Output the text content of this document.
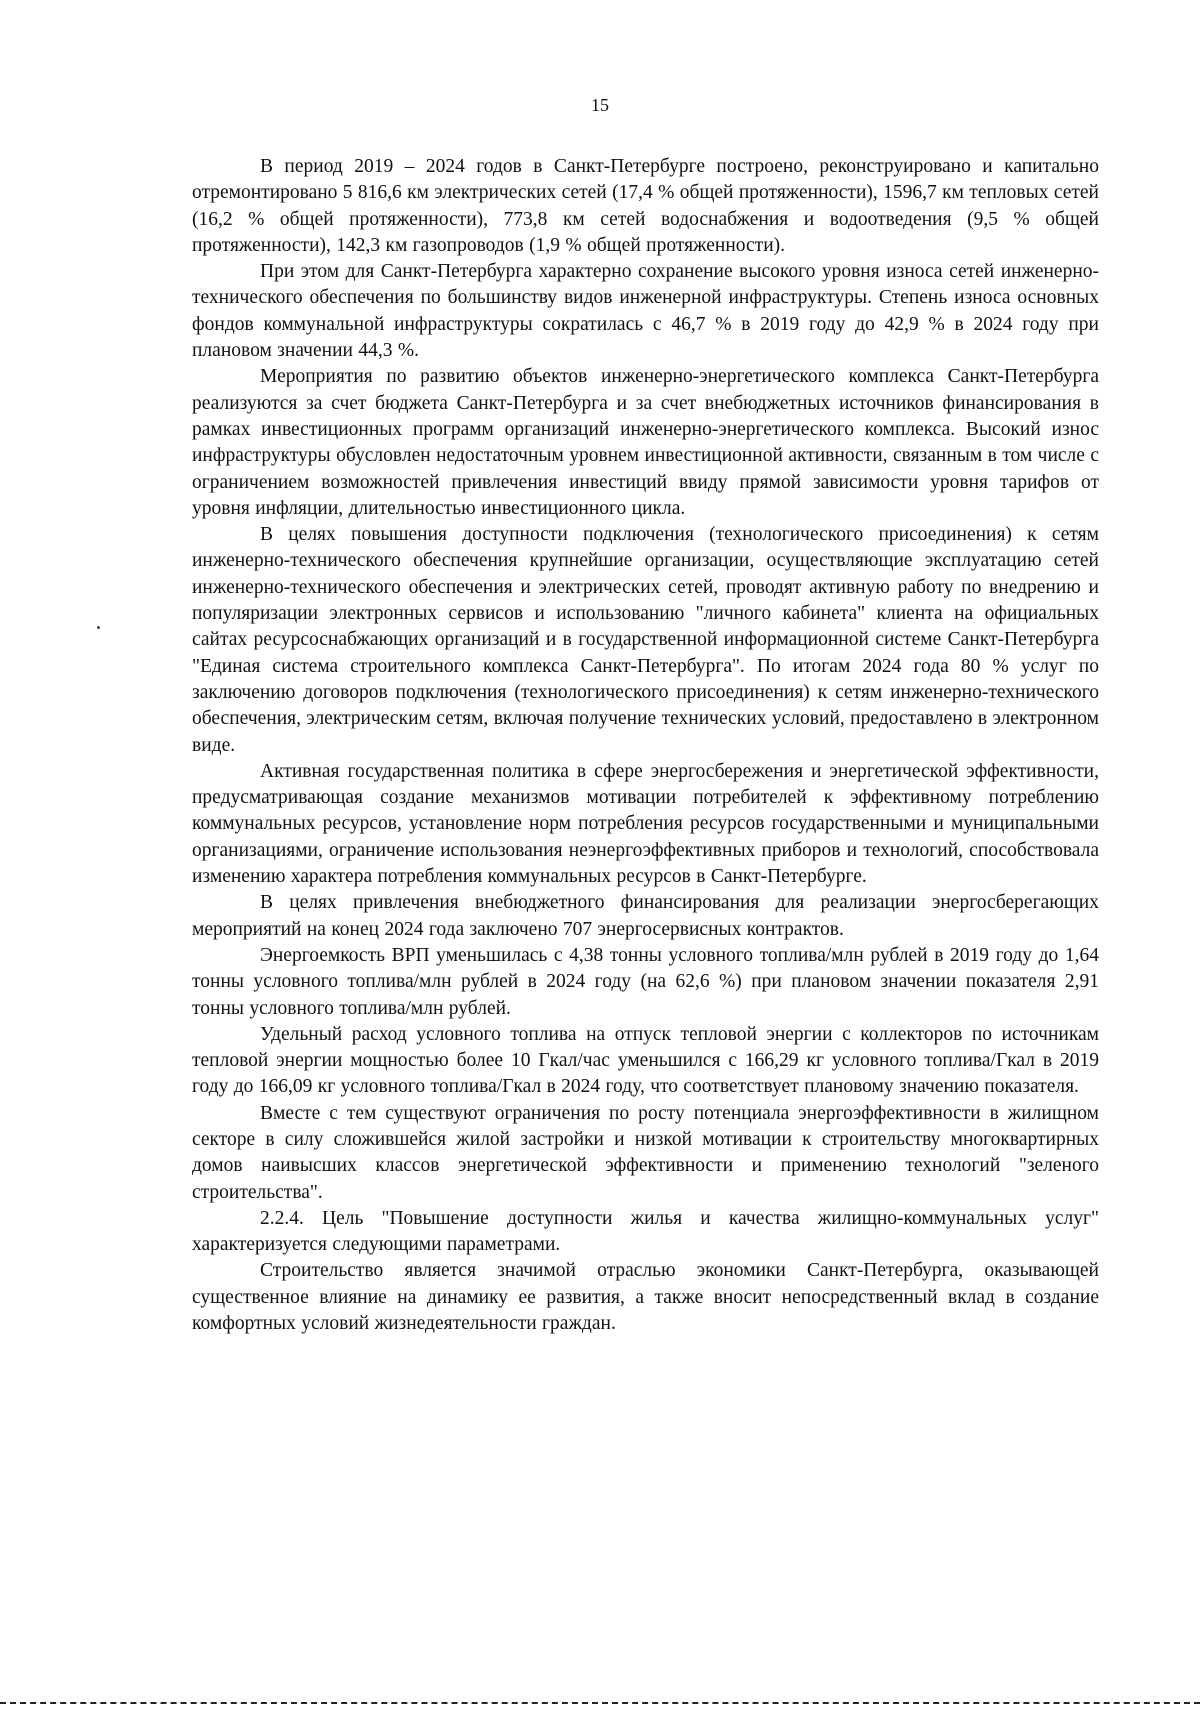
15

В период 2019 – 2024 годов в Санкт-Петербурге построено, реконструировано и капитально отремонтировано 5 816,6 км электрических сетей (17,4 % общей протяженности), 1596,7 км тепловых сетей (16,2 % общей протяженности), 773,8 км сетей водоснабжения и водоотведения (9,5 % общей протяженности), 142,3 км газопроводов (1,9 % общей протяженности).

При этом для Санкт-Петербурга характерно сохранение высокого уровня износа сетей инженерно-технического обеспечения по большинству видов инженерной инфраструктуры. Степень износа основных фондов коммунальной инфраструктуры сократилась с 46,7 % в 2019 году до 42,9 % в 2024 году при плановом значении 44,3 %.

Мероприятия по развитию объектов инженерно-энергетического комплекса Санкт-Петербурга реализуются за счет бюджета Санкт-Петербурга и за счет внебюджетных источников финансирования в рамках инвестиционных программ организаций инженерно-энергетического комплекса. Высокий износ инфраструктуры обусловлен недостаточным уровнем инвестиционной активности, связанным в том числе с ограничением возможностей привлечения инвестиций ввиду прямой зависимости уровня тарифов от уровня инфляции, длительностью инвестиционного цикла.

В целях повышения доступности подключения (технологического присоединения) к сетям инженерно-технического обеспечения крупнейшие организации, осуществляющие эксплуатацию сетей инженерно-технического обеспечения и электрических сетей, проводят активную работу по внедрению и популяризации электронных сервисов и использованию "личного кабинета" клиента на официальных сайтах ресурсоснабжающих организаций и в государственной информационной системе Санкт-Петербурга "Единая система строительного комплекса Санкт-Петербурга". По итогам 2024 года 80 % услуг по заключению договоров подключения (технологического присоединения) к сетям инженерно-технического обеспечения, электрическим сетям, включая получение технических условий, предоставлено в электронном виде.

Активная государственная политика в сфере энергосбережения и энергетической эффективности, предусматривающая создание механизмов мотивации потребителей к эффективному потреблению коммунальных ресурсов, установление норм потребления ресурсов государственными и муниципальными организациями, ограничение использования неэнергоэффективных приборов и технологий, способствовала изменению характера потребления коммунальных ресурсов в Санкт-Петербурге.

В целях привлечения внебюджетного финансирования для реализации энергосберегающих мероприятий на конец 2024 года заключено 707 энергосервисных контрактов.

Энергоемкость ВРП уменьшилась с 4,38 тонны условного топлива/млн рублей в 2019 году до 1,64 тонны условного топлива/млн рублей в 2024 году (на 62,6 %) при плановом значении показателя 2,91 тонны условного топлива/млн рублей.

Удельный расход условного топлива на отпуск тепловой энергии с коллекторов по источникам тепловой энергии мощностью более 10 Гкал/час уменьшился с 166,29 кг условного топлива/Гкал в 2019 году до 166,09 кг условного топлива/Гкал в 2024 году, что соответствует плановому значению показателя.

Вместе с тем существуют ограничения по росту потенциала энергоэффективности в жилищном секторе в силу сложившейся жилой застройки и низкой мотивации к строительству многоквартирных домов наивысших классов энергетической эффективности и применению технологий "зеленого строительства".

2.2.4. Цель "Повышение доступности жилья и качества жилищно-коммунальных услуг" характеризуется следующими параметрами.

Строительство является значимой отраслью экономики Санкт-Петербурга, оказывающей существенное влияние на динамику ее развития, а также вносит непосредственный вклад в создание комфортных условий жизнедеятельности граждан.
